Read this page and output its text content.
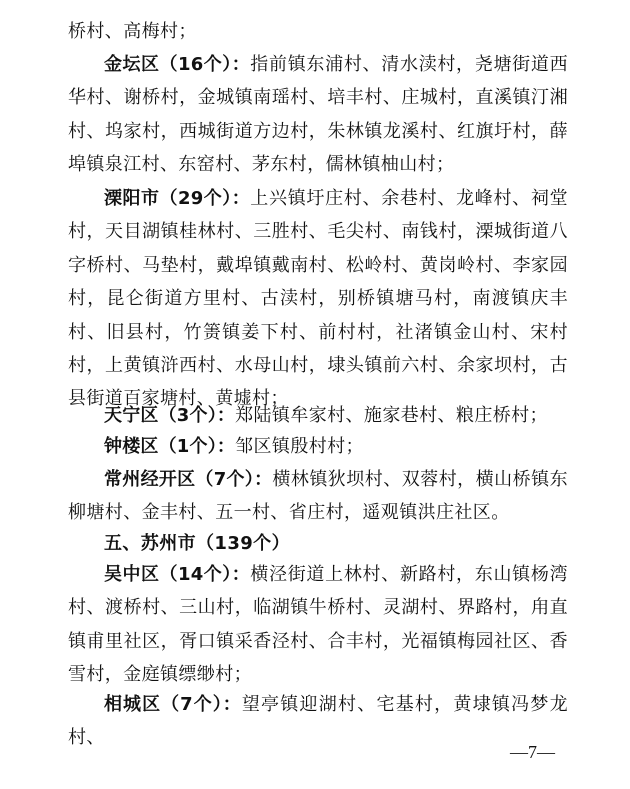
桥村、高梅村；

金坛区（16个）：指前镇东浦村、清水渎村，尧塘街道西华村、谢桥村，金城镇南瑶村、培丰村、庄城村，直溪镇汀湘村、坞家村，西城街道方边村，朱林镇龙溪村、红旗圩村，薛埠镇泉江村、东窑村、茅东村，儒林镇柚山村；

溧阳市（29个）：上兴镇圩庄村、余巷村、龙峰村、祠堂村，天目湖镇桂林村、三胜村、毛尖村、南钱村，溧城街道八字桥村、马垫村，戴埠镇戴南村、松岭村、黄岗岭村、李家园村，昆仑街道方里村、古渎村，别桥镇塘马村，南渡镇庆丰村、旧县村，竹箦镇姜下村、前村村，社渚镇金山村、宋村村，上黄镇浒西村、水母山村，埭头镇前六村、余家坝村，古县街道百家塘村、黄墟村；

天宁区（3个）：郑陆镇牟家村、施家巷村、粮庄桥村；

钟楼区（1个）：邹区镇殷村村；

常州经开区（7个）：横林镇狄坝村、双蓉村，横山桥镇东柳塘村、金丰村、五一村、省庄村，遥观镇洪庄社区。

五、苏州市（139个）

吴中区（14个）：横泾街道上林村、新路村，东山镇杨湾村、渡桥村、三山村，临湖镇牛桥村、灵湖村、界路村，甪直镇甫里社区，胥口镇采香泾村、合丰村，光福镇梅园社区、香雪村，金庭镇缥缈村；

相城区（7个）：望亭镇迎湖村、宅基村，黄埭镇冯梦龙村、

—7—
